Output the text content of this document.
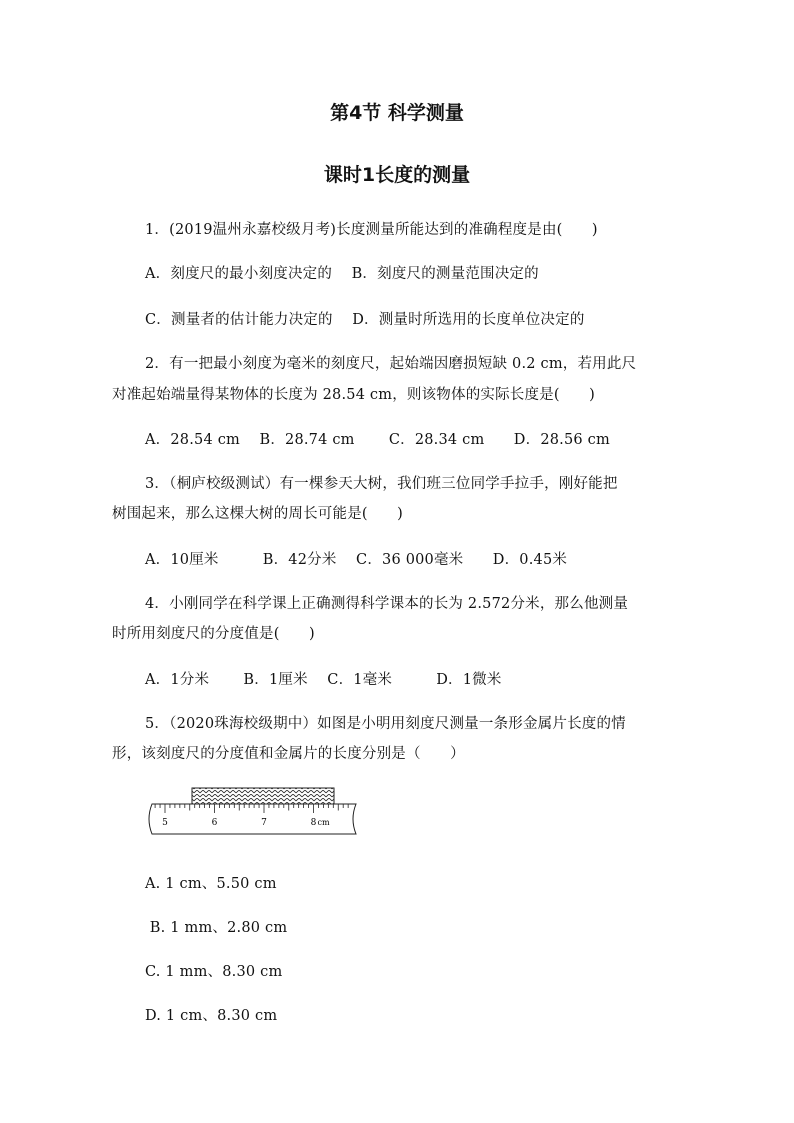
第4节 科学测量
课时1长度的测量
1．(2019温州永嘉校级月考)长度测量所能达到的准确程度是由(　　)
A．刻度尺的最小刻度决定的　 B．刻度尺的测量范围决定的
C．测量者的估计能力决定的　 D．测量时所选用的长度单位决定的
2．有一把最小刻度为毫米的刻度尺，起始端因磨损短缺 0.2 cm，若用此尺
对准起始端量得某物体的长度为 28.54 cm，则该物体的实际长度是(　　)
A．28.54 cm　 B．28.74 cm　　 C．28.34 cm　　D．28.56 cm
3．（桐庐校级测试）有一棵参天大树，我们班三位同学手拉手，刚好能把
树围起来，那么这棵大树的周长可能是(　　)
A．10厘米　　　B．42分米　 C．36 000毫米　　D．0.45米
4．小刚同学在科学课上正确测得科学课本的长为 2.572分米，那么他测量
时所用刻度尺的分度值是(　　)
A．1分米　　 B．1厘米　 C．1毫米　　　D．1微米
5．（2020珠海校级期中）如图是小明用刻度尺测量一条形金属片长度的情
形，该刻度尺的分度值和金属片的长度分别是（　　）
5	6	7	8 cm
A. 1 cm、5.50 cm
B. 1 mm、2.80 cm
C. 1 mm、8.30 cm
D. 1 cm、8.30 cm
